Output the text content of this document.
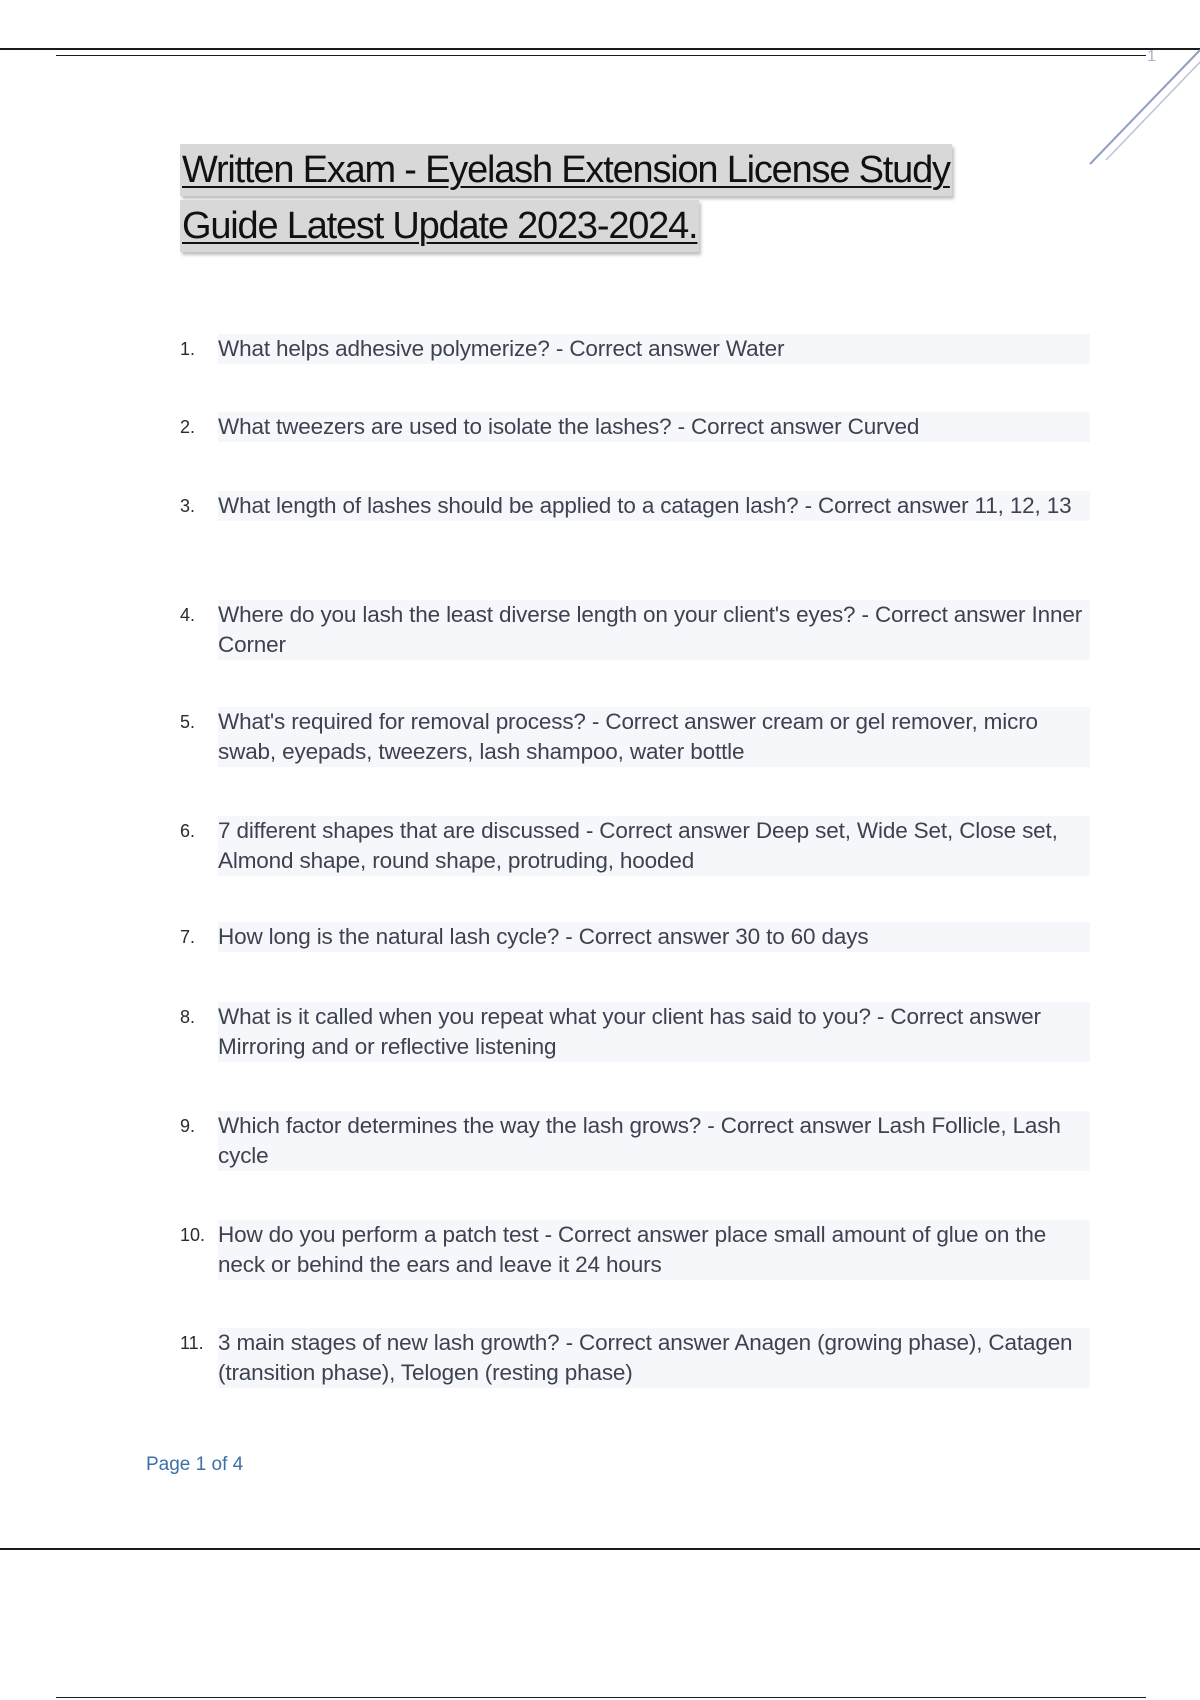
1
Written Exam - Eyelash Extension License Study
Guide Latest Update 2023-2024.
1.	What helps adhesive polymerize? - Correct answer Water
2.	What tweezers are used to isolate the lashes? - Correct answer Curved
3.	What length of lashes should be applied to a catagen lash? - Correct answer 11, 12, 13
4.	Where do you lash the least diverse length on your client's eyes? - Correct answer Inner Corner
5.	What's required for removal process? - Correct answer cream or gel remover, micro swab, eyepads, tweezers, lash shampoo, water bottle
6.	7 different shapes that are discussed - Correct answer Deep set, Wide Set, Close set, Almond shape, round shape, protruding, hooded
7.	How long is the natural lash cycle? - Correct answer 30 to 60 days
8.	What is it called when you repeat what your client has said to you? - Correct answer Mirroring and or reflective listening
9.	Which factor determines the way the lash grows? - Correct answer Lash Follicle, Lash cycle
10. How do you perform a patch test - Correct answer place small amount of glue on the neck or behind the ears and leave it 24 hours
11. 3 main stages of new lash growth? - Correct answer Anagen (growing phase), Catagen (transition phase), Telogen (resting phase)
Page 1 of 4
